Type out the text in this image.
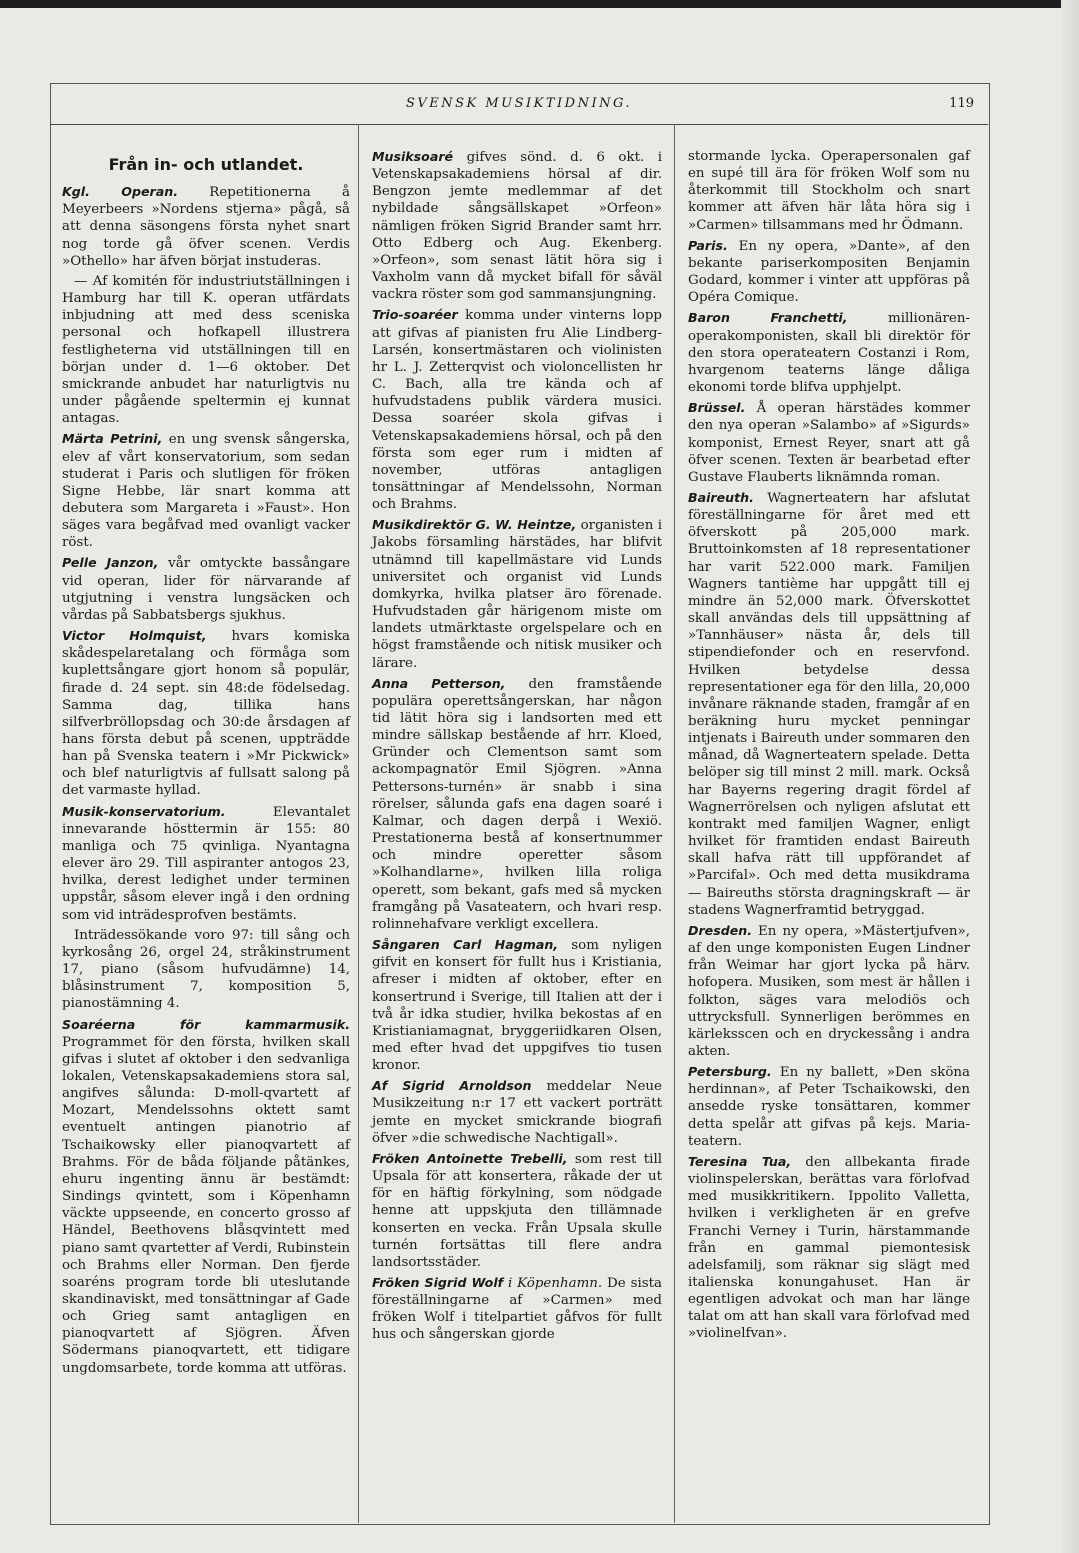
SVENSK MUSIKTIDNING.	119

Från in- och utlandet.

Kgl. Operan. Repetitionerna å Meyerbeers »Nordens stjerna» pågå, så att denna säsongens första nyhet snart nog torde gå öfver scenen. Verdis »Othello» har äfven börjat instuderas.

— Af komitén för industriutställningen i Hamburg har till K. operan utfärdats inbjudning att med dess sceniska personal och hofkapell illustrera festligheterna vid utställningen till en början under d. 1—6 oktober. Det smickrande anbudet har naturligtvis nu under pågående speltermin ej kunnat antagas.

Märta Petrini, en ung svensk sångerska, elev af vårt konservatorium, som sedan studerat i Paris och slutligen för fröken Signe Hebbe, lär snart komma att debutera som Margareta i »Faust». Hon säges vara begåfvad med ovanligt vacker röst.

Pelle Janzon, vår omtyckte bassångare vid operan, lider för närvarande af utgjutning i venstra lungsäcken och vårdas på Sabbatsbergs sjukhus.

Victor Holmquist, hvars komiska skådespelaretalang och förmåga som kuplettsångare gjort honom så populär, firade d. 24 sept. sin 48:de födelsedag. Samma dag, tillika hans silfverbröllopsdag och 30:de årsdagen af hans första debut på scenen, uppträdde han på Svenska teatern i »Mr Pickwick» och blef naturligtvis af fullsatt salong på det varmaste hyllad.

Musik-konservatorium.	Elevantalet innevarande hösttermin är 155: 80 manliga och 75 qvinliga. Nyantagna elever äro 29. Till aspiranter antogos 23, hvilka, derest ledighet under terminen uppstår, såsom elever ingå i den ordning som vid inträdesprofven bestämts.

Inträdessökande voro 97: till sång och kyrkosång 26, orgel 24, stråkinstrument 17, piano (såsom hufvudämne) 14, blåsinstrument 7, komposition 5, pianostämning 4.

Soaréerna för kammarmusik. Programmet för den första, hvilken skall gifvas i slutet af oktober i den sedvanliga lokalen, Vetenskapsakademiens stora sal, angifves sålunda: D-moll-qvartett af Mozart, Mendelssohns oktett samt eventuelt antingen pianotrio af Tschaikowsky eller pianoqvartett af Brahms. För de båda följande påtänkes, ehuru ingenting ännu är bestämdt: Sindings qvintett, som i Köpenhamn väckte uppseende, en concerto grosso af Händel, Beethovens blåsqvintett med piano samt qvartetter af Verdi, Rubinstein och Brahms eller Norman. Den fjerde soaréns program torde bli uteslutande skandinaviskt, med tonsättningar af Gade och Grieg samt antagligen en pianoqvartett af Sjögren. Äfven Södermans pianoqvartett, ett tidigare ungdomsarbete, torde komma att utföras.

Musiksoaré gifves sönd. d. 6 okt. i Vetenskapsakademiens hörsal af dir. Bengzon jemte medlemmar af det nybildade sångsällskapet »Orfeon» nämligen fröken Sigrid Brander samt hrr. Otto Edberg och Aug. Ekenberg. »Orfeon», som senast lätit höra sig i Vaxholm vann då mycket bifall för såväl vackra röster som god sammansjungning.

Trio-soaréer komma under vinterns lopp att gifvas af pianisten fru Alie Lindberg-Larsén, konsertmästaren och violinisten hr L. J. Zetterqvist och violoncellisten hr C. Bach, alla tre kända och af hufvudstadens publik värdera musici. Dessa soaréer skola gifvas i Vetenskapsakademiens hörsal, och på den första som eger rum i midten af november, utföras antagligen tonsättningar af Mendelssohn, Norman och Brahms.

Musikdirektör G. W. Heintze, organisten i Jakobs församling härstädes, har blifvit utnämnd till kapellmästare vid Lunds universitet och organist vid Lunds domkyrka, hvilka platser äro förenade. Hufvudstaden går härigenom miste om landets utmärktaste orgelspelare och en högst framstående och nitisk musiker och lärare.

Anna Petterson, den framstående populära operettsångerskan, har någon tid lätit höra sig i landsorten med ett mindre sällskap bestående af hrr. Kloed, Gründer och Clementson samt som ackompagnatör Emil Sjögren. »Anna Pettersons-turnén» är snabb i sina rörelser, sålunda gafs ena dagen soaré i Kalmar, och dagen derpå i Wexiö. Prestationerna bestå af konsertnummer och mindre operetter såsom »Kolhandlarne», hvilken lilla roliga operett, som bekant, gafs med så mycken framgång på Vasateatern, och hvari resp. rolinnehafvare verkligt excellera.

Sångaren Carl Hagman, som nyligen gifvit en konsert för fullt hus i Kristiania, afreser i midten af oktober, efter en konsertrund i Sverige, till Italien att der i två år idka studier, hvilka bekostas af en Kristianiamagnat, bryggeriidkaren Olsen, med efter hvad det uppgifves tio tusen kronor.

Af Sigrid Arnoldson meddelar Neue Musikzeitung n:r 17 ett vackert porträtt jemte en mycket smickrande biografi öfver »die schwedische Nachtigall».

Fröken Antoinette Trebelli, som rest till Upsala för att konsertera, råkade der ut för en häftig förkylning, som nödgade henne att uppskjuta den tillämnade konserten en vecka. Från Upsala skulle turnén fortsättas till flere andra landsortsstäder.

Fröken Sigrid Wolf i Köpenhamn. De sista föreställningarne af »Carmen» med fröken Wolf i titelpartiet gåfvos för fullt hus och sångerskan gjorde

stormande lycka. Operapersonalen gaf en supé till ära för fröken Wolf som nu återkommit till Stockholm och snart kommer att äfven här låta höra sig i »Carmen» tillsammans med hr Ödmann.

Paris. En ny opera, »Dante», af den bekante pariserkompositen Benjamin Godard, kommer i vinter att uppföras på Opéra Comique.

Baron Franchetti,	millionären-operakomponisten, skall bli direktör för den stora operateatern Costanzi i Rom, hvargenom teaterns länge dåliga ekonomi torde blifva upphjelpt.

Brüssel. Å operan härstädes kommer den nya operan »Salambo» af »Sigurds» komponist, Ernest Reyer, snart att gå öfver scenen. Texten är bearbetad efter Gustave Flauberts liknämnda roman.

Baireuth. Wagnerteatern har afslutat föreställningarne för året med ett öfverskott på 205,000 mark. Bruttoinkomsten af 18 representationer har varit 522.000 mark. Familjen Wagners tantième har uppgått till ej mindre än 52,000 mark. Öfverskottet skall användas dels till uppsättning af »Tannhäuser» nästa år, dels till stipendiefonder och en reservfond. Hvilken betydelse dessa representationer ega för den lilla, 20,000 invånare räknande staden, framgår af en beräkning huru mycket penningar intjenats i Baireuth under sommaren den månad, då Wagnerteatern spelade. Detta belöper sig till minst 2 mill. mark. Också har Bayerns regering dragit fördel af Wagnerrörelsen och nyligen afslutat ett kontrakt med familjen Wagner, enligt hvilket för framtiden endast Baireuth skall hafva rätt till uppförandet af »Parcifal». Och med detta musikdrama — Baireuths största dragningskraft — är stadens Wagnerframtid betryggad.

Dresden. En ny opera, »Mästertjufven», af den unge komponisten Eugen Lindner från Weimar har gjort lycka på härv. hofopera. Musiken, som mest är hållen i folkton, säges vara melodiös och uttrycksfull. Synnerligen berömmes en kärleksscen och en dryckessång i andra akten.

Petersburg. En ny ballett, »Den sköna herdinnan», af Peter Tschaikowski, den ansedde ryske tonsättaren, kommer detta spelår att gifvas på kejs. Maria-teatern.

Teresina Tua, den allbekanta firade violinspelerskan, berättas vara förlofvad med musikkritikern. Ippolito Valletta, hvilken i verkligheten är en grefve Franchi Verney i Turin, härstammande från en gammal piemontesisk adelsfamilj, som räknar sig slägt med italienska konungahuset. Han är egentligen advokat och man har länge talat om att han skall vara förlofvad med »violinelfvan».
